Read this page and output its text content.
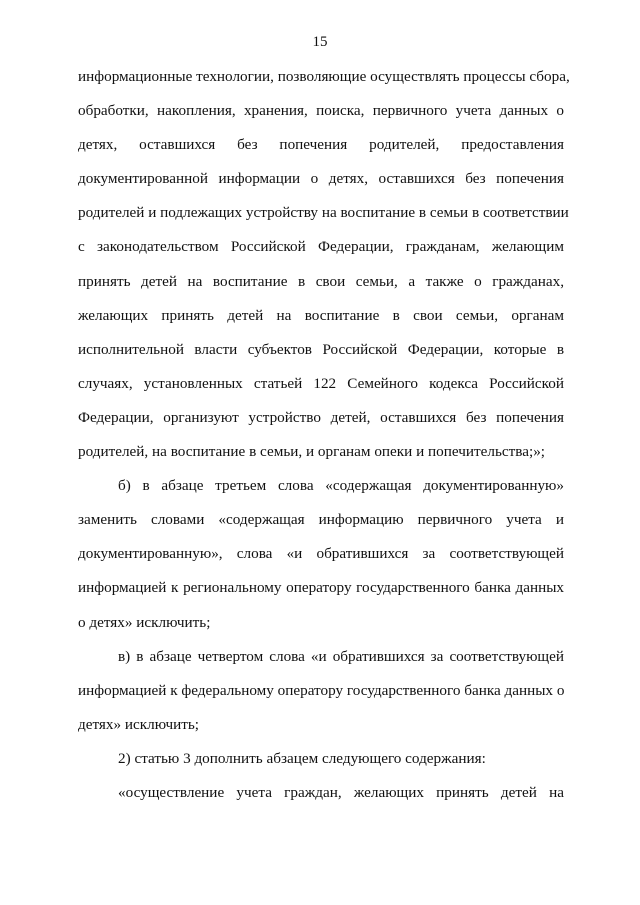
15
информационные технологии, позволяющие осуществлять процессы сбора,
обработки, накопления, хранения, поиска, первичного учета данных о
детях, оставшихся без попечения родителей, предоставления
документированной информации о детях, оставшихся без попечения
родителей и подлежащих устройству на воспитание в семьи в соответствии
с законодательством Российской Федерации, гражданам, желающим
принять детей на воспитание в свои семьи, а также о гражданах,
желающих принять детей на воспитание в свои семьи, органам
исполнительной власти субъектов Российской Федерации, которые в
случаях, установленных статьей 122 Семейного кодекса Российской
Федерации, организуют устройство детей, оставшихся без попечения
родителей, на воспитание в семьи, и органам опеки и попечительства;»;
б) в абзаце третьем слова «содержащая документированную»
заменить словами «содержащая информацию первичного учета и
документированную», слова «и обратившихся за соответствующей
информацией к региональному оператору государственного банка данных
о детях» исключить;
в) в абзаце четвертом слова «и обратившихся за соответствующей
информацией к федеральному оператору государственного банка данных о
детях» исключить;
2) статью 3 дополнить абзацем следующего содержания:
«осуществление учета граждан, желающих принять детей на
